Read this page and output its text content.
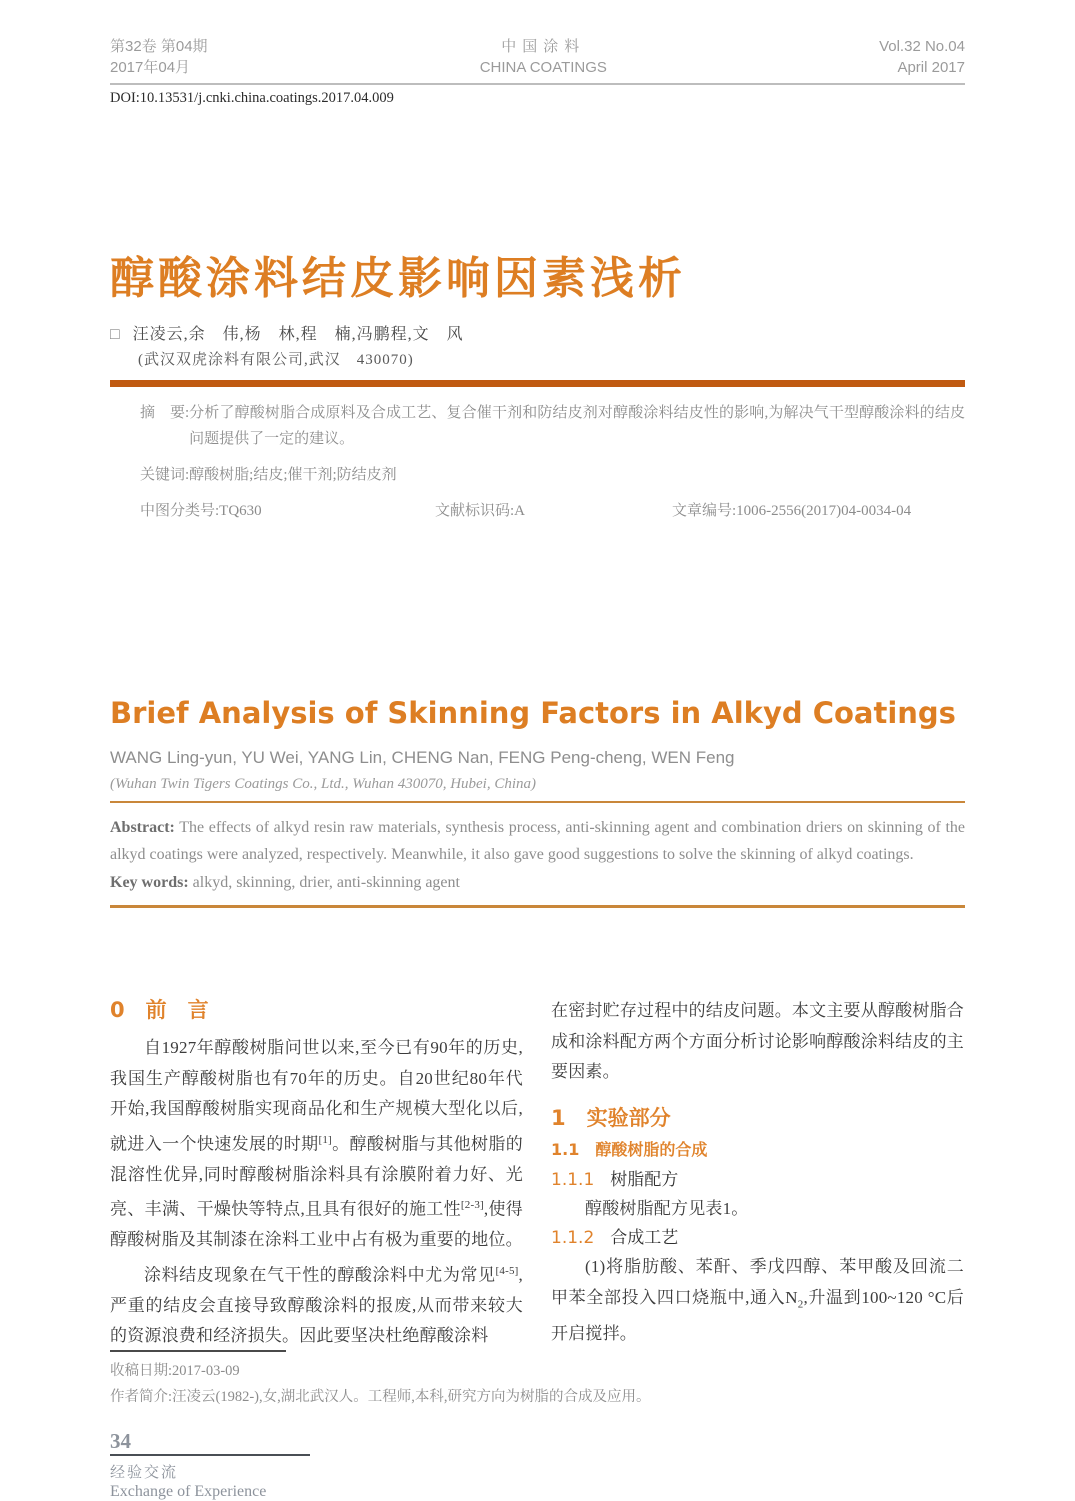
第32卷 第04期
2017年04月
中国涂料
CHINA COATINGS
Vol.32 No.04
April 2017
DOI:10.13531/j.cnki.china.coatings.2017.04.009
醇酸涂料结皮影响因素浅析
□ 汪凌云,余　伟,杨　林,程　楠,冯鹏程,文　风
(武汉双虎涂料有限公司,武汉　430070)
摘　要: 分析了醇酸树脂合成原料及合成工艺、复合催干剂和防结皮剂对醇酸涂料结皮性的影响,为解决气干型醇酸涂料的结皮问题提供了一定的建议。
关键词:醇酸树脂;结皮;催干剂;防结皮剂
中图分类号:TQ630	文献标识码:A	文章编号:1006-2556(2017)04-0034-04
Brief Analysis of Skinning Factors in Alkyd Coatings
WANG Ling-yun, YU Wei, YANG Lin, CHENG Nan, FENG Peng-cheng, WEN Feng
(Wuhan Twin Tigers Coatings Co., Ltd., Wuhan 430070, Hubei, China)

Abstract: The effects of alkyd resin raw materials, synthesis process, anti-skinning agent and combination driers on skinning of the alkyd coatings were analyzed, respectively. Meanwhile, it also gave good suggestions to solve the skinning of alkyd coatings.

Key words: alkyd, skinning, drier, anti-skinning agent

0　前　言

自1927年醇酸树脂问世以来,至今已有90年的历史,我国生产醇酸树脂也有70年的历史。自20世纪80年代开始,我国醇酸树脂实现商品化和生产规模大型化以后,就进入一个快速发展的时期[1]。醇酸树脂与其他树脂的混溶性优异,同时醇酸树脂涂料具有涂膜附着力好、光亮、丰满、干燥快等特点,且具有很好的施工性[2-3],使得醇酸树脂及其制漆在涂料工业中占有极为重要的地位。

涂料结皮现象在气干性的醇酸涂料中尤为常见[4-5],严重的结皮会直接导致醇酸涂料的报废,从而带来较大的资源浪费和经济损失。因此要坚决杜绝醇酸涂料

在密封贮存过程中的结皮问题。本文主要从醇酸树脂合成和涂料配方两个方面分析讨论影响醇酸涂料结皮的主要因素。

1　实验部分
1.1　醇酸树脂的合成
1.1.1 树脂配方

醇酸树脂配方见表1。

1.1.2 合成工艺

(1)将脂肪酸、苯酐、季戊四醇、苯甲酸及回流二甲苯全部投入四口烧瓶中,通入$N_2$,升温到100~120 °C后开启搅拌。

收稿日期:2017-03-09
作者简介:汪凌云(1982-),女,湖北武汉人。工程师,本科,研究方向为树脂的合成及应用。
34
经验交流
Exchange of Experience
